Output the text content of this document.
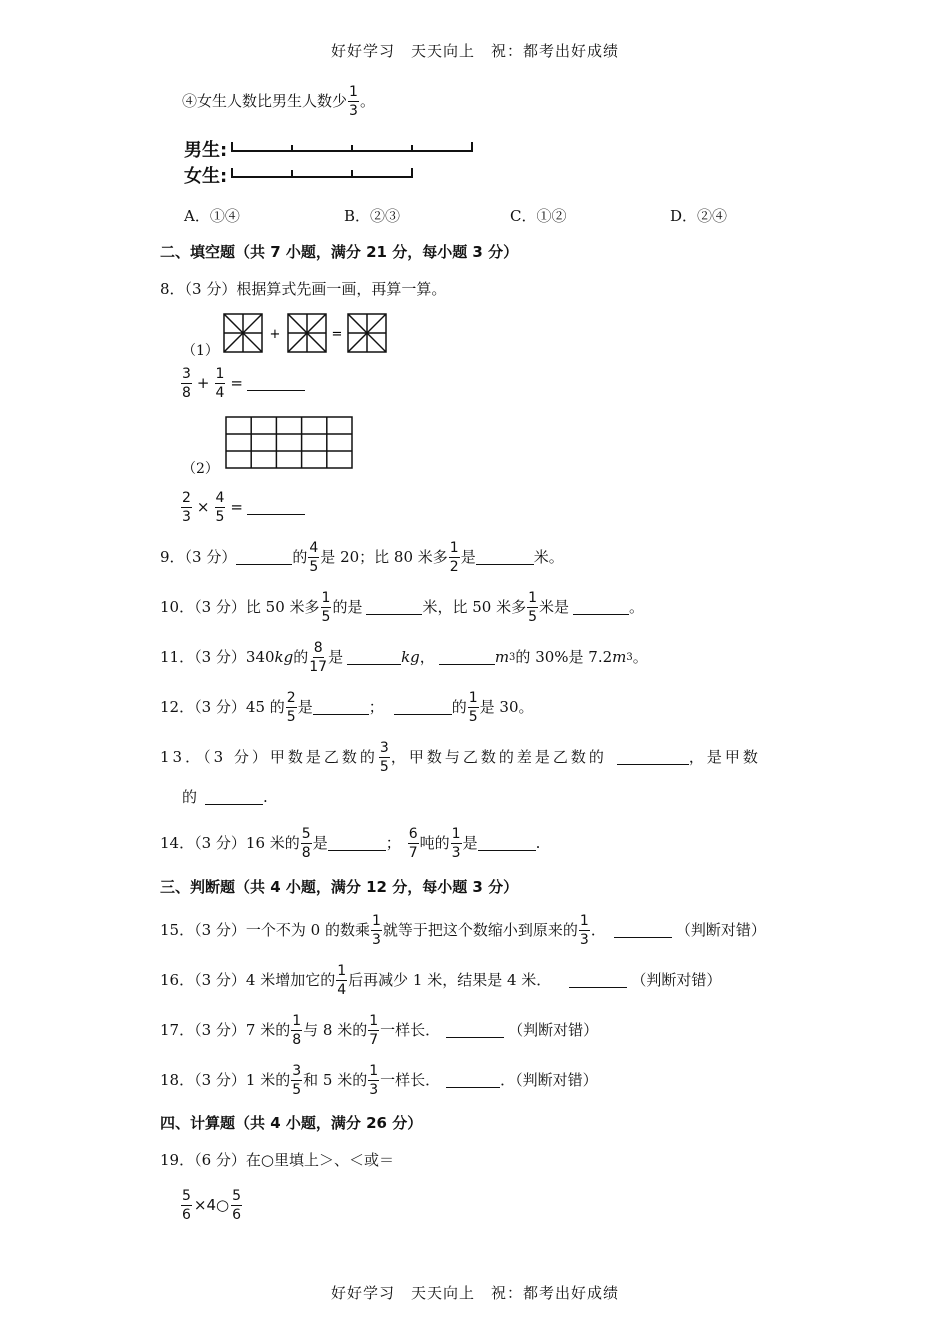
好好学习　天天向上　祝：都考出好成绩
④女生人数比男生人数少 $\frac{1}{3}$ 。
男生:
女生:
A．①④	B．②③	C．①②	D．②④
二、填空题（共 7 小题，满分 21 分，每小题 3 分）
8．（3 分）根据算式先画一画，再算一算。
（1）
+	=
$\frac{3}{8} + \frac{1}{4}$ =
（2）
$\frac{2}{3} \times \frac{4}{5}$ =
9．（3 分）	的 $\frac{4}{5}$ 是 20；比 80 米多 $\frac{1}{2}$ 是	米。
10．（3 分）比 50 米多 $\frac{1}{5}$ 的是	米，比 50 米多 $\frac{1}{5}$ 米是	。
11．（3 分）340 kg 的 $\frac{8}{17}$ 是	kg ，	m 3 的 30%是 7.2 m 3 。
12．（3 分）45 的 $\frac{2}{5}$ 是	；	的 $\frac{1}{5}$ 是 30。
13．（3 分）甲数是乙数的 $\frac{3}{5}$ ，甲数与乙数的差是乙数的	，是甲数
的	.
14．（3 分）16 米的 $\frac{5}{8}$ 是	； $\frac{6}{7}$ 吨的 $\frac{1}{3}$ 是	.
三、判断题（共 4 小题，满分 12 分，每小题 3 分）
15．（3 分）一个不为 0 的数乘 $\frac{1}{3}$ 就等于把这个数缩小到原来的 $\frac{1}{3}$ ．	（判断对错）
16．（3 分）4 米增加它的 $\frac{1}{4}$ 后再减少 1 米，结果是 4 米．	（判断对错）
17．（3 分）7 米的 $\frac{1}{8}$ 与 8 米的 $\frac{1}{7}$ 一样长．	（判断对错）
18．（3 分）1 米的 $\frac{3}{5}$ 和 5 米的 $\frac{1}{3}$ 一样长．	．（判断对错）
四、计算题（共 4 小题，满分 26 分）
19．（6 分）在○里填上＞、＜或＝
$\frac{5}{6}$ ×4○ $\frac{5}{6}$
好好学习　天天向上　祝：都考出好成绩
